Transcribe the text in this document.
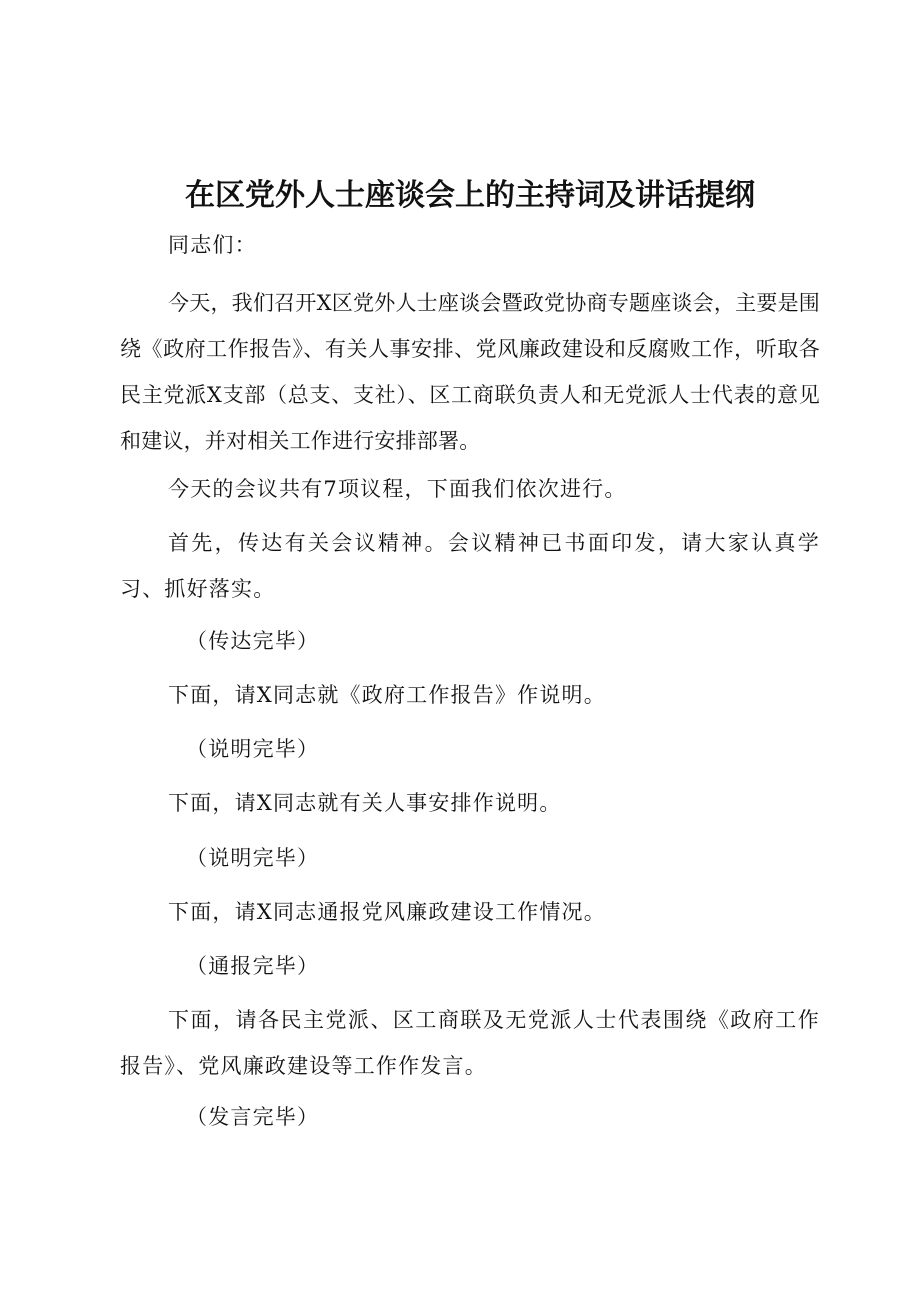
在区党外人士座谈会上的主持词及讲话提纲

同志们：

今天，我们召开X区党外人士座谈会暨政党协商专题座谈会，主要是围绕《政府工作报告》、有关人事安排、党风廉政建设和反腐败工作，听取各民主党派X支部（总支、支社）、区工商联负责人和无党派人士代表的意见和建议，并对相关工作进行安排部署。

今天的会议共有7项议程，下面我们依次进行。

首先，传达有关会议精神。会议精神已书面印发，请大家认真学习、抓好落实。

（传达完毕）

下面，请X同志就《政府工作报告》作说明。

（说明完毕）

下面，请X同志就有关人事安排作说明。

（说明完毕）

下面，请X同志通报党风廉政建设工作情况。

（通报完毕）

下面，请各民主党派、区工商联及无党派人士代表围绕《政府工作报告》、党风廉政建设等工作作发言。

（发言完毕）
